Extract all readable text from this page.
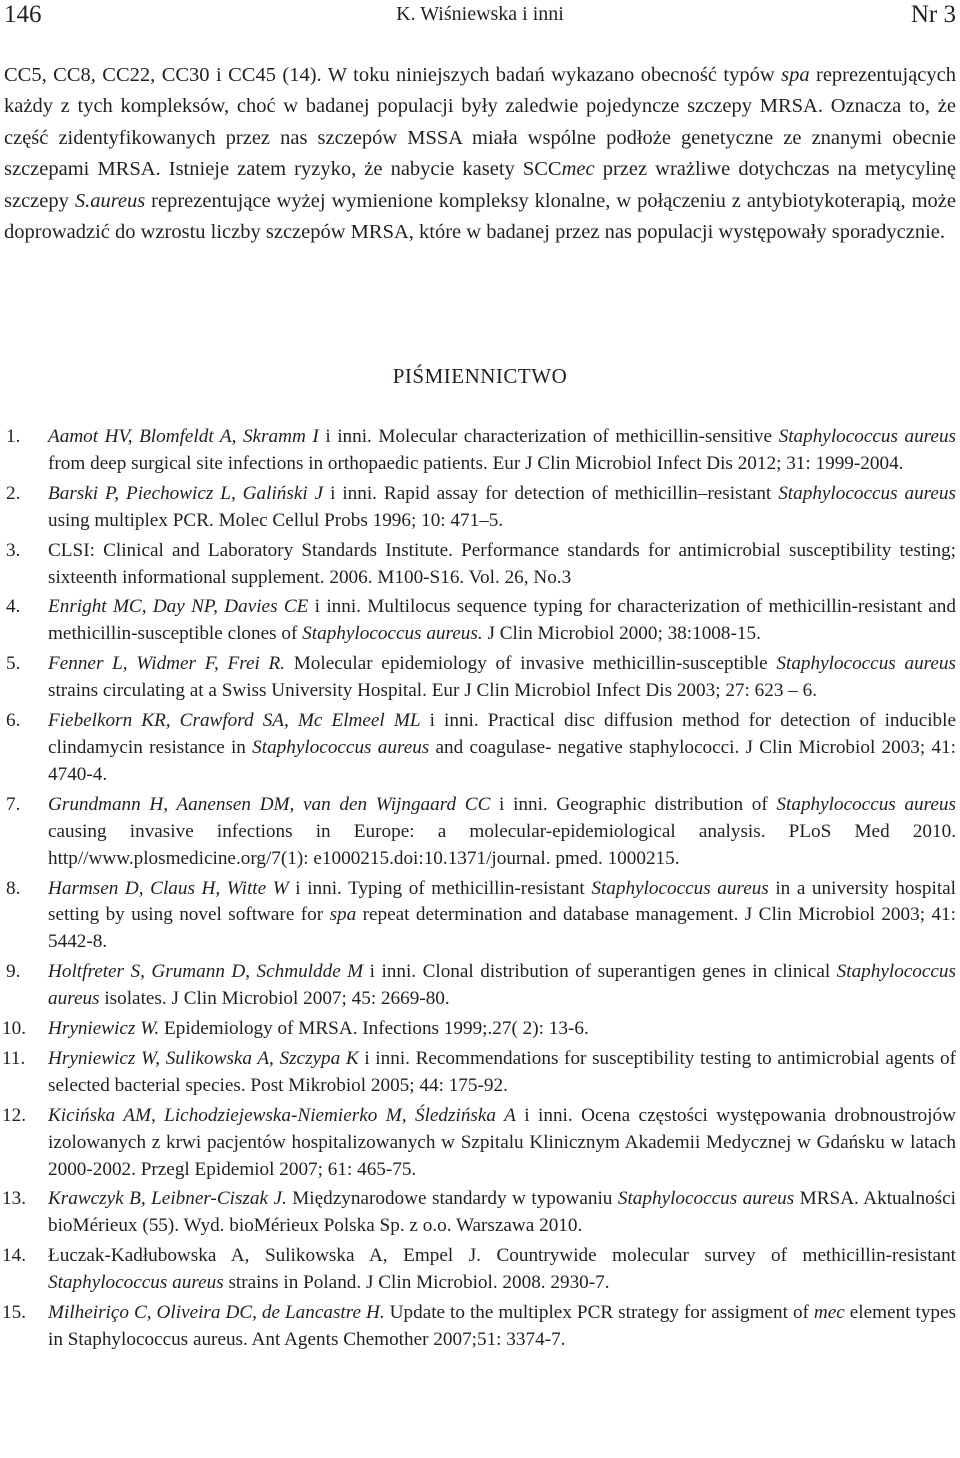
146	K. Wiśniewska i inni	Nr 3

CC5, CC8, CC22, CC30 i CC45 (14). W toku niniejszych badań wykazano obecność typów spa reprezentujących każdy z tych kompleksów, choć w badanej populacji były zaledwie pojedyncze szczepy MRSA. Oznacza to, że część zidentyfikowanych przez nas szczepów MSSA miała wspólne podłoże genetyczne ze znanymi obecnie szczepami MRSA. Istnieje zatem ryzyko, że nabycie kasety SCCmec przez wrażliwe dotychczas na metycylinę szczepy S.aureus reprezentujące wyżej wymienione kompleksy klonalne, w połączeniu z antybiotykoterapią, może doprowadzić do wzrostu liczby szczepów MRSA, które w badanej przez nas populacji występowały sporadycznie.

PIŚMIENNICTWO
1. Aamot HV, Blomfeldt A, Skramm I i inni. Molecular characterization of methicillin-sensitive Staphylococcus aureus from deep surgical site infections in orthopaedic patients. Eur J Clin Microbiol Infect Dis 2012; 31: 1999-2004.
2. Barski P, Piechowicz L, Galiński J i inni. Rapid assay for detection of methicillin–resistant Staphylococcus aureus using multiplex PCR. Molec Cellul Probs 1996; 10: 471–5.
3. CLSI: Clinical and Laboratory Standards Institute. Performance standards for antimicrobial susceptibility testing; sixteenth informational supplement. 2006. M100-S16. Vol. 26, No.3
4. Enright MC, Day NP, Davies CE i inni. Multilocus sequence typing for characterization of methicillin-resistant and methicillin-susceptible clones of Staphylococcus aureus. J Clin Microbiol 2000; 38:1008-15.
5. Fenner L, Widmer F, Frei R. Molecular epidemiology of invasive methicillin-susceptible Staphylococcus aureus strains circulating at a Swiss University Hospital. Eur J Clin Microbiol Infect Dis 2003; 27: 623 – 6.
6. Fiebelkorn KR, Crawford SA, Mc Elmeel ML i inni. Practical disc diffusion method for detection of inducible clindamycin resistance in Staphylococcus aureus and coagulase- negative staphylococci. J Clin Microbiol 2003; 41: 4740-4.
7. Grundmann H, Aanensen DM, van den Wijngaard CC i inni. Geographic distribution of Staphylococcus aureus causing invasive infections in Europe: a molecular-epidemiological analysis. PLoS Med 2010. http//www.plosmedicine.org/7(1): e1000215.doi:10.1371/journal. pmed. 1000215.
8. Harmsen D, Claus H, Witte W i inni. Typing of methicillin-resistant Staphylococcus aureus in a university hospital setting by using novel software for spa repeat determination and database management. J Clin Microbiol 2003; 41: 5442-8.
9. Holtfreter S, Grumann D, Schmuldde M i inni. Clonal distribution of superantigen genes in clinical Staphylococcus aureus isolates. J Clin Microbiol 2007; 45: 2669-80.
10. Hryniewicz W. Epidemiology of MRSA. Infections 1999;.27( 2): 13-6.
11. Hryniewicz W, Sulikowska A, Szczypa K i inni. Recommendations for susceptibility testing to antimicrobial agents of selected bacterial species. Post Mikrobiol 2005; 44: 175-92.
12. Kicińska AM, Lichodziejewska-Niemierko M, Śledzińska A i inni. Ocena częstości występowania drobnoustrojów izolowanych z krwi pacjentów hospitalizowanych w Szpitalu Klinicznym Akademii Medycznej w Gdańsku w latach 2000-2002. Przegl Epidemiol 2007; 61: 465-75.
13. Krawczyk B, Leibner-Ciszak J. Międzynarodowe standardy w typowaniu Staphylococcus aureus MRSA. Aktualności bioMérieux (55). Wyd. bioMérieux Polska Sp. z o.o. Warszawa 2010.
14. Łuczak-Kadłubowska A, Sulikowska A, Empel J. Countrywide molecular survey of methicillin-resistant Staphylococcus aureus strains in Poland. J Clin Microbiol. 2008. 2930-7.
15. Milheiriço C, Oliveira DC, de Lancastre H. Update to the multiplex PCR strategy for assigment of mec element types in Staphylococcus aureus. Ant Agents Chemother 2007;51: 3374-7.
